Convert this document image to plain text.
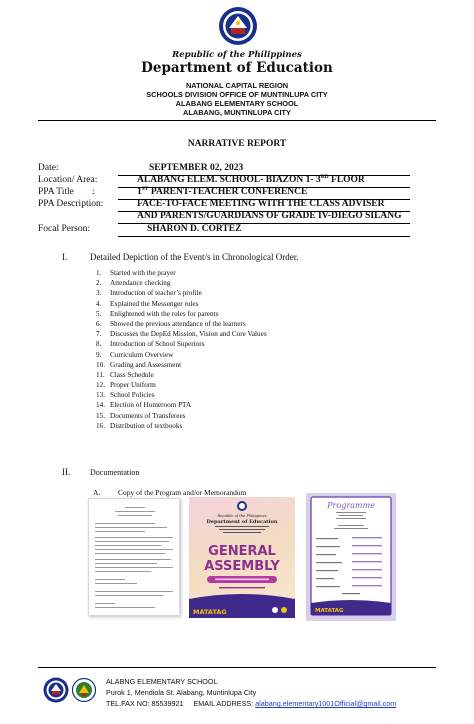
Republic of the Philippines
Department of Education
NATIONAL CAPITAL REGION
SCHOOLS DIVISION OFFICE OF MUNTINLUPA CITY
ALABANG ELEMENTARY SCHOOL
ALABANG, MUNTINLUPA CITY
NARRATIVE REPORT
Date:	SEPTEMBER 02, 2023
Location/ Area:	ALABANG ELEM. SCHOOL- BIAZON 1- 3RD FLOOR
PPA Title :	1ST PARENT-TEACHER CONFERENCE
PPA Description:	FACE-TO-FACE MEETING WITH THE CLASS ADVISER
AND PARENTS/GUARDIANS OF GRADE IV-DIEGO SILANG
Focal Person:	SHARON D. CORTEZ
I.	Detailed Depiction of the Event/s in Chronological Order.
1.	Started with the prayer
2.	Attendance checking
3.	Introduction of teacher’s profile
4.	Explained the Messenger rules
5.	Enlightened with the rules for parents
6.	Showed the previous attendance of the learners
7.	Discusses the DepEd Mission, Vision and Core Values
8.	Introduction of School Superiors
9.	Curriculum Overview
10. Grading and Assessment
11. Class Schedule
12. Proper Uniform
13. School Policies
14. Election of Homeroom PTA
15. Documents of Transferees
16. Distribution of textbooks
II. Documentation
A. Copy of the Program and/or Memorandum
Republic of the Philippines
Department of Education
GENERAL
ASSEMBLY
MATATAG
Programme
MATATAG
ALABNG ELEMENTARY SCHOOL
Purok 1, Mendiola St. Alabang, Muntinlupa City
TEL.FAX NO: 85539921 EMAIL ADDRESS: alabang.elementary1001Official@gmail.com
